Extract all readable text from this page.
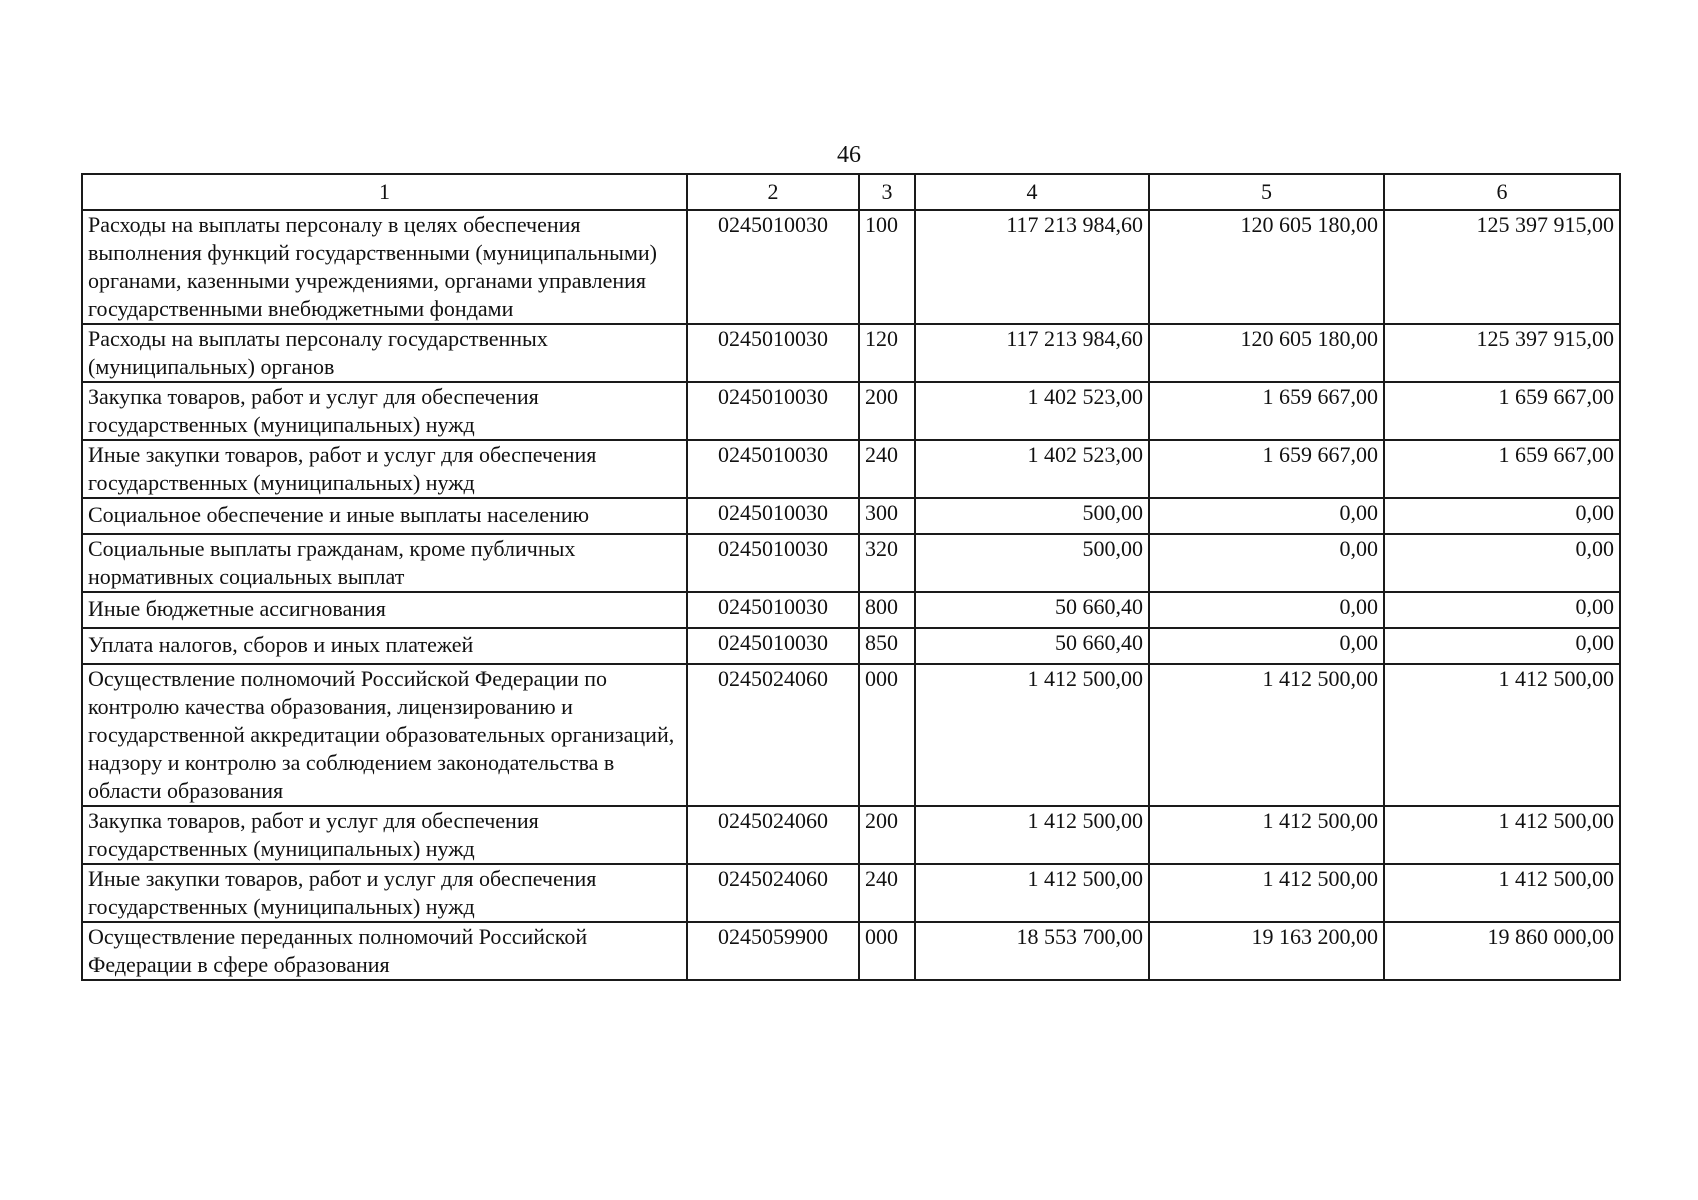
46
1	2	3	4	5	6
Расходы на выплаты персоналу в целях обеспечения выполнения функций государственными (муниципальными) органами, казенными учреждениями, органами управления государственными внебюджетными фондами	0245010030	100	117 213 984,60	120 605 180,00	125 397 915,00
Расходы на выплаты персоналу государственных (муниципальных) органов	0245010030	120	117 213 984,60	120 605 180,00	125 397 915,00
Закупка товаров, работ и услуг для обеспечения государственных (муниципальных) нужд	0245010030	200	1 402 523,00	1 659 667,00	1 659 667,00
Иные закупки товаров, работ и услуг для обеспечения государственных (муниципальных) нужд	0245010030	240	1 402 523,00	1 659 667,00	1 659 667,00
Социальное обеспечение и иные выплаты населению	0245010030	300	500,00	0,00	0,00
Социальные выплаты гражданам, кроме публичных нормативных социальных выплат	0245010030	320	500,00	0,00	0,00
Иные бюджетные ассигнования	0245010030	800	50 660,40	0,00	0,00
Уплата налогов, сборов и иных платежей	0245010030	850	50 660,40	0,00	0,00
Осуществление полномочий Российской Федерации по контролю качества образования, лицензированию и государственной аккредитации образовательных организаций, надзору и контролю за соблюдением законодательства в области образования	0245024060	000	1 412 500,00	1 412 500,00	1 412 500,00
Закупка товаров, работ и услуг для обеспечения государственных (муниципальных) нужд	0245024060	200	1 412 500,00	1 412 500,00	1 412 500,00
Иные закупки товаров, работ и услуг для обеспечения государственных (муниципальных) нужд	0245024060	240	1 412 500,00	1 412 500,00	1 412 500,00
Осуществление переданных полномочий Российской Федерации в сфере образования	0245059900	000	18 553 700,00	19 163 200,00	19 860 000,00
